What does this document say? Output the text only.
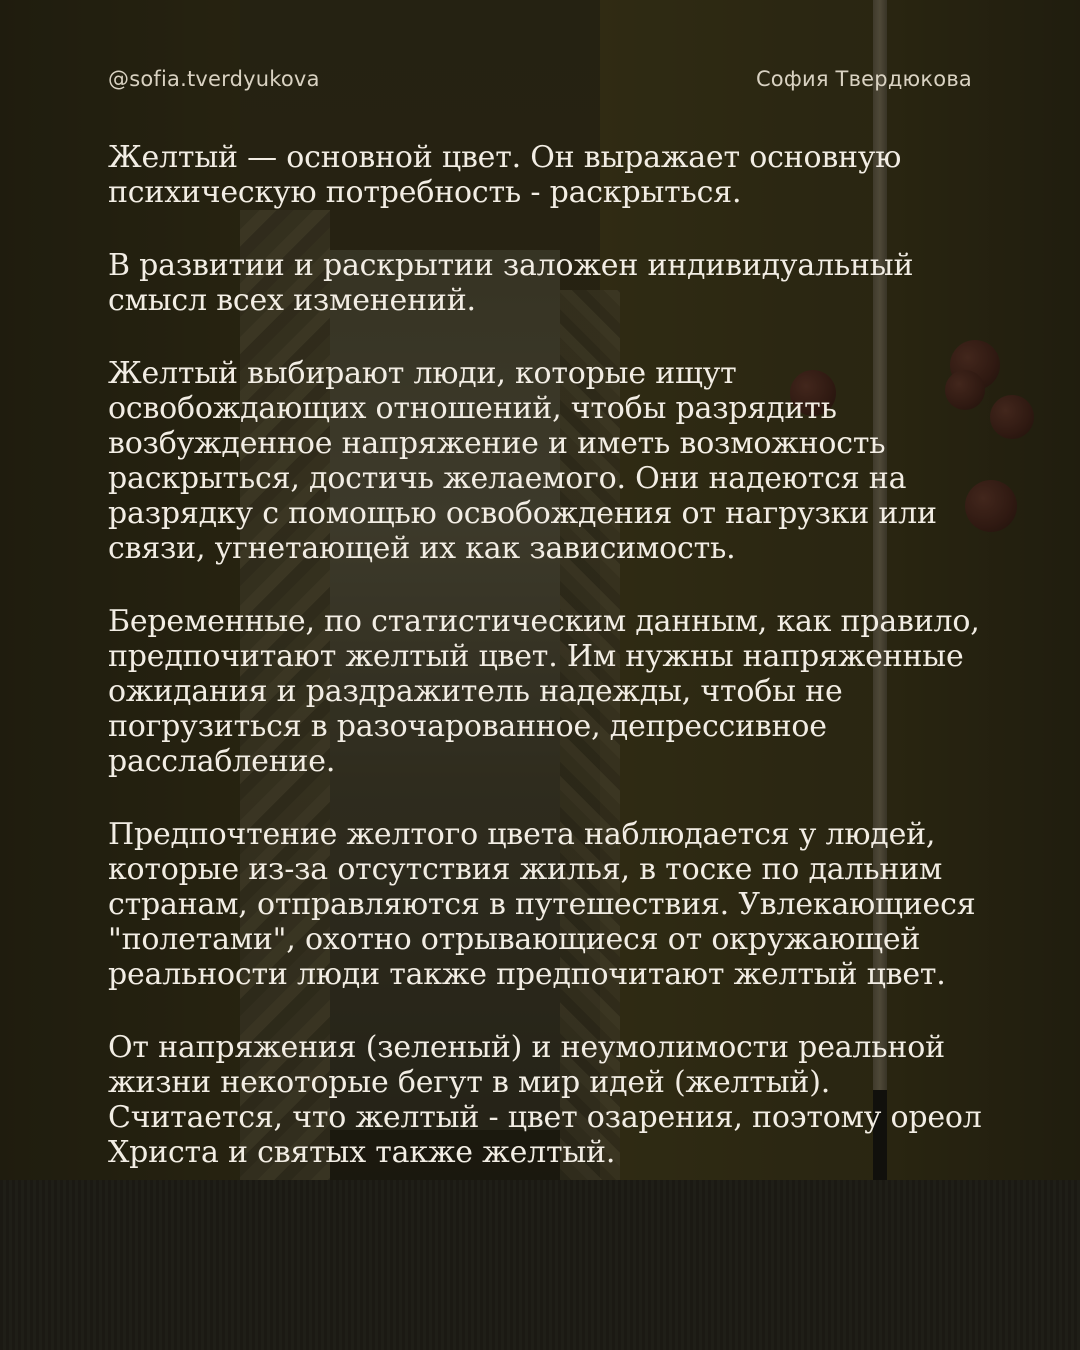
@sofia.tverdyukova	София Твердюкова

Желтый — основной цвет. Он выражает основную психическую потребность - раскрыться.

В развитии и раскрытии заложен индивидуальный смысл всех изменений.

Желтый выбирают люди, которые ищут освобождающих отношений, чтобы разрядить возбужденное напряжение и иметь возможность раскрыться, достичь желаемого. Они надеются на разрядку с помощью освобождения от нагрузки или связи, угнетающей их как зависимость.

Беременные, по статистическим данным, как правило, предпочитают желтый цвет. Им нужны напряженные ожидания и раздражитель надежды, чтобы не погрузиться в разочарованное, депрессивное расслабление.

Предпочтение желтого цвета наблюдается у людей, которые из-за отсутствия жилья, в тоске по дальним странам, отправляются в путешествия. Увлекающиеся "полетами", охотно отрывающиеся от окружающей реальности люди также предпочитают желтый цвет.

От напряжения (зеленый) и неумолимости реальной жизни некоторые бегут в мир идей (желтый). Считается, что желтый - цвет озарения, поэтому ореол Христа и святых также желтый.
